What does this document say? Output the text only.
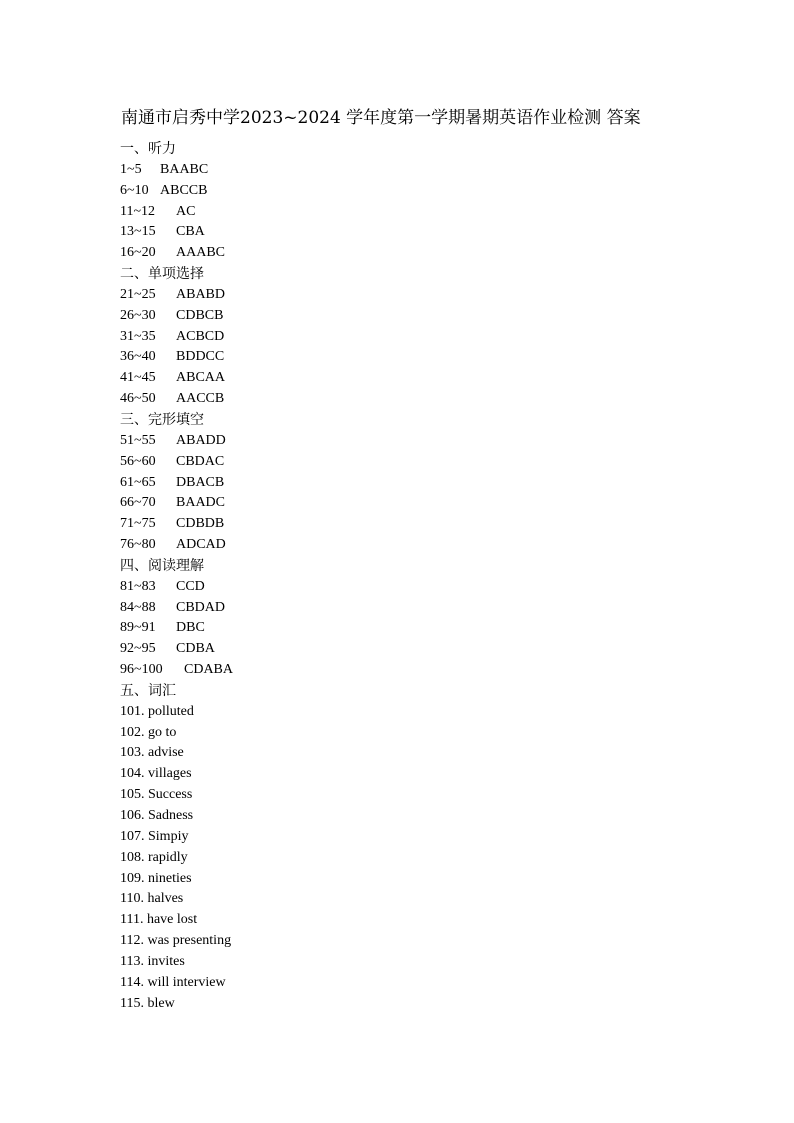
南通市启秀中学2023~2024 学年度第一学期暑期英语作业检测 答案
一、听力
1~5 BAABC
6~10 ABCCB
11~12 AC
13~15 CBA
16~20 AAABC
二、单项选择
21~25 ABABD
26~30 CDBCB
31~35 ACBCD
36~40 BDDCC
41~45 ABCAA
46~50 AACCB
三、完形填空
51~55 ABADD
56~60 CBDAC
61~65 DBACB
66~70 BAADC
71~75 CDBDB
76~80 ADCAD
四、阅读理解
81~83 CCD
84~88 CBDAD
89~91 DBC
92~95 CDBA
96~100 CDABA
五、词汇
101. polluted
102. go to
103. advise
104. villages
105. Success
106. Sadness
107. Simpiy
108. rapidly
109. nineties
110. halves
111. have lost
112. was presenting
113. invites
114. will interview
115. blew
